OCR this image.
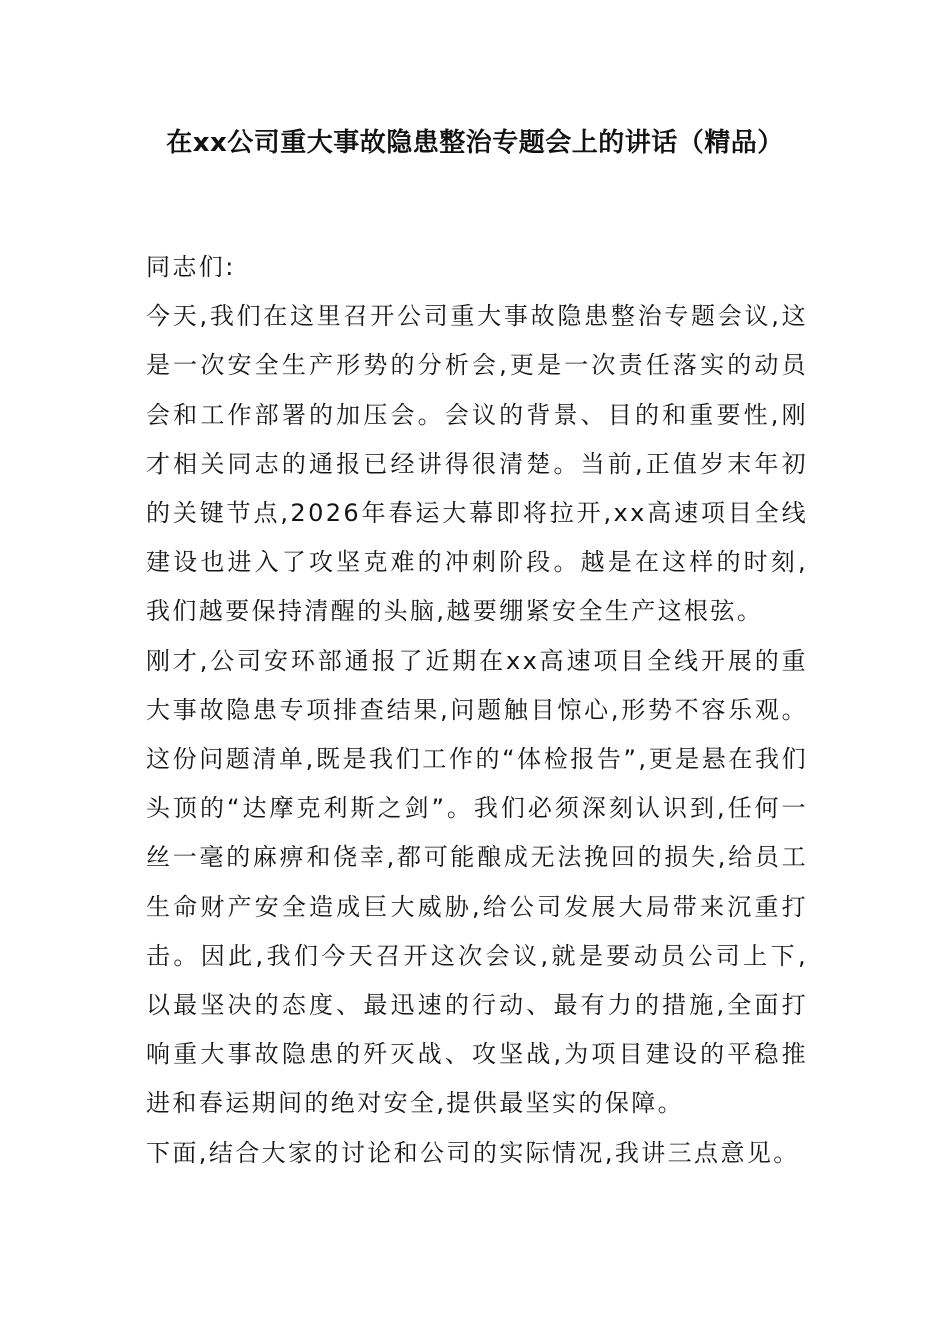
在xx公司重大事故隐患整治专题会上的讲话（精品）

同志们:

今天,我们在这里召开公司重大事故隐患整治专题会议,这是一次安全生产形势的分析会,更是一次责任落实的动员会和工作部署的加压会。会议的背景、目的和重要性,刚才相关同志的通报已经讲得很清楚。当前,正值岁末年初的关键节点,2026年春运大幕即将拉开,xx高速项目全线建设也进入了攻坚克难的冲刺阶段。越是在这样的时刻,我们越要保持清醒的头脑,越要绷紧安全生产这根弦。

刚才,公司安环部通报了近期在xx高速项目全线开展的重大事故隐患专项排查结果,问题触目惊心,形势不容乐观。这份问题清单,既是我们工作的“体检报告”,更是悬在我们头顶的“达摩克利斯之剑”。我们必须深刻认识到,任何一丝一毫的麻痹和侥幸,都可能酿成无法挽回的损失,给员工生命财产安全造成巨大威胁,给公司发展大局带来沉重打击。因此,我们今天召开这次会议,就是要动员公司上下,以最坚决的态度、最迅速的行动、最有力的措施,全面打响重大事故隐患的歼灭战、攻坚战,为项目建设的平稳推进和春运期间的绝对安全,提供最坚实的保障。

下面,结合大家的讨论和公司的实际情况,我讲三点意见。
